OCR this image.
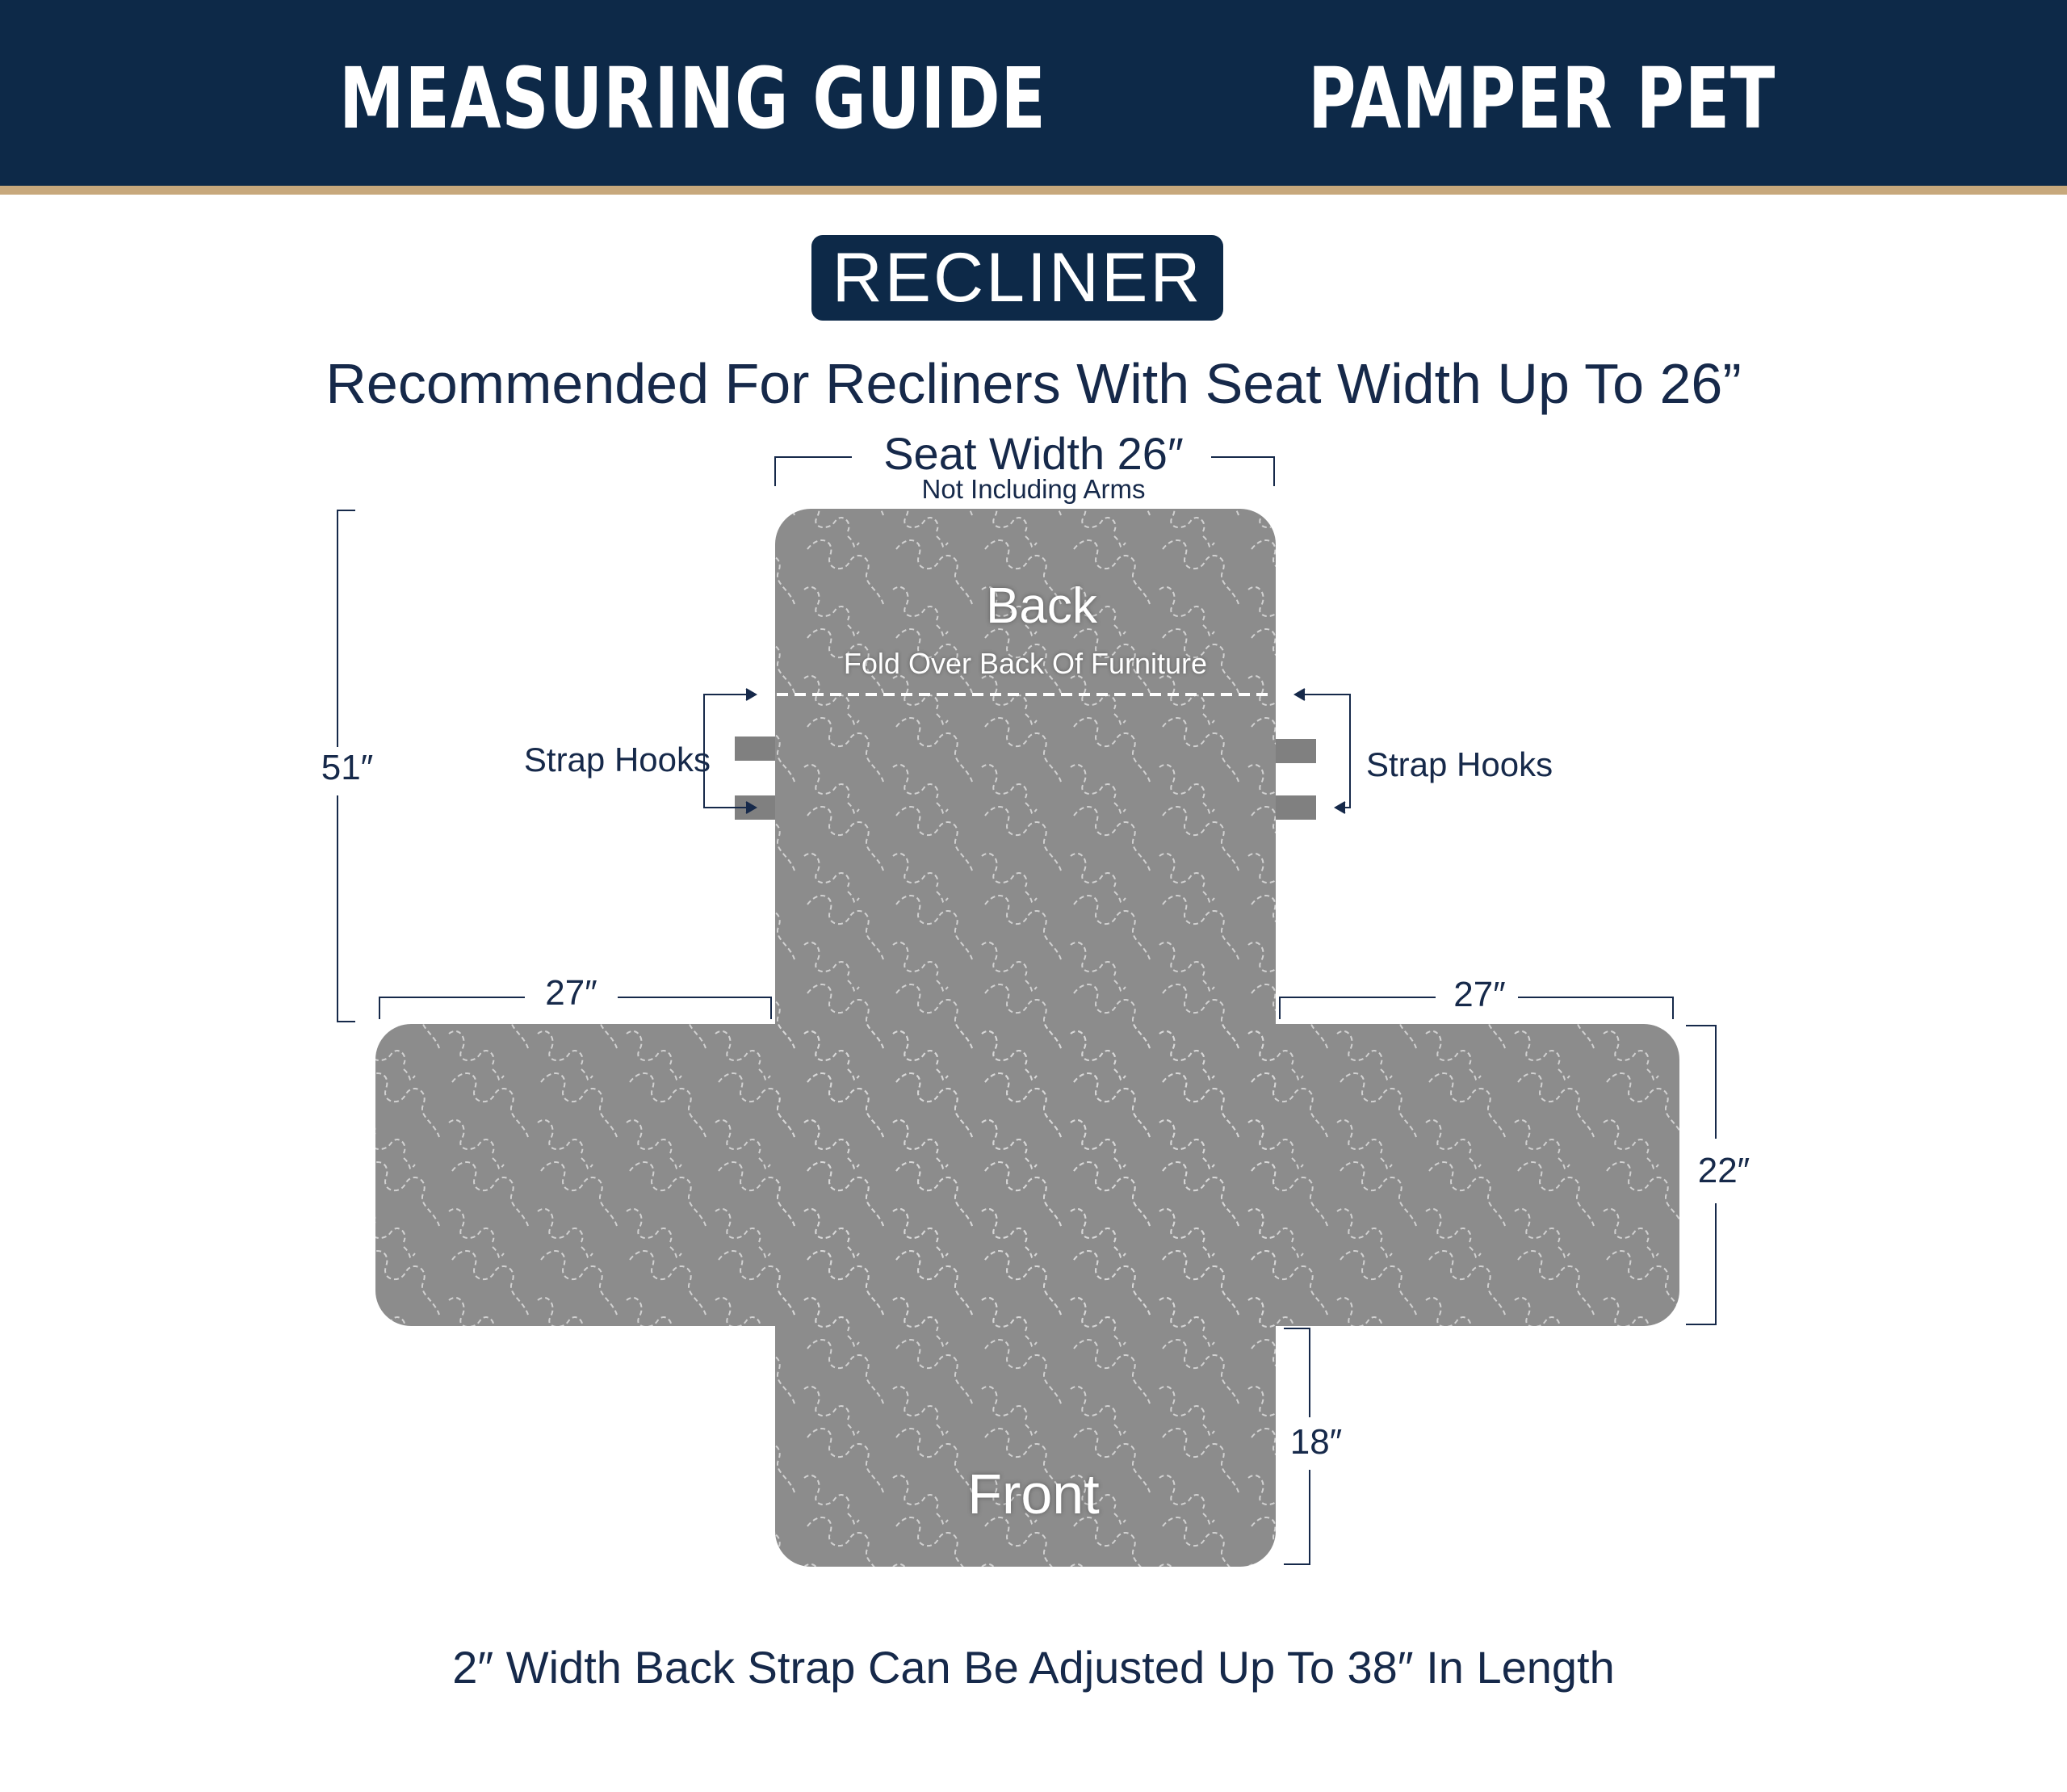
MEASURING GUIDE	PAMPER PET
RECLINER
Recommended For Recliners With Seat Width Up To 26”
Seat Width 26″
Not Including Arms
Back
Fold Over Back Of Furniture
Front
Strap Hooks	Strap Hooks
51″
27″	27″
22″
18″
2″ Width Back Strap Can Be Adjusted Up To 38″ In Length
